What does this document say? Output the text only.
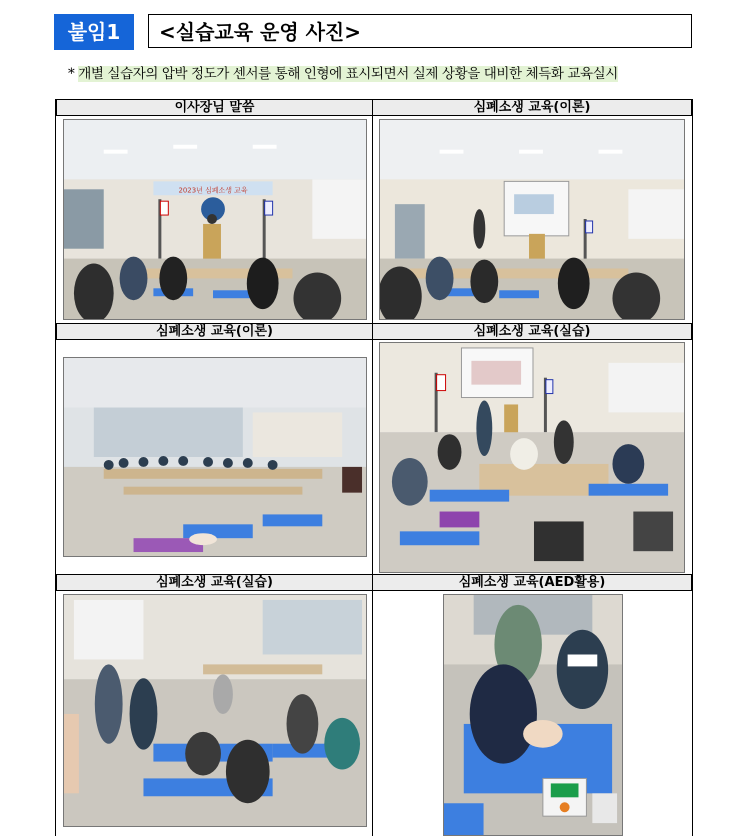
붙임1	<실습교육 운영 사진>
* 개별 실습자의 압박 정도가 센서를 통해 인형에 표시되면서 실제 상황을 대비한 체득화 교육실시
이사장님 말씀	심폐소생 교육(이론)
2023년 심폐소생 교육
심폐소생 교육(이론)	심폐소생 교육(실습)
심폐소생 교육(실습)	심폐소생 교육(AED활용)
